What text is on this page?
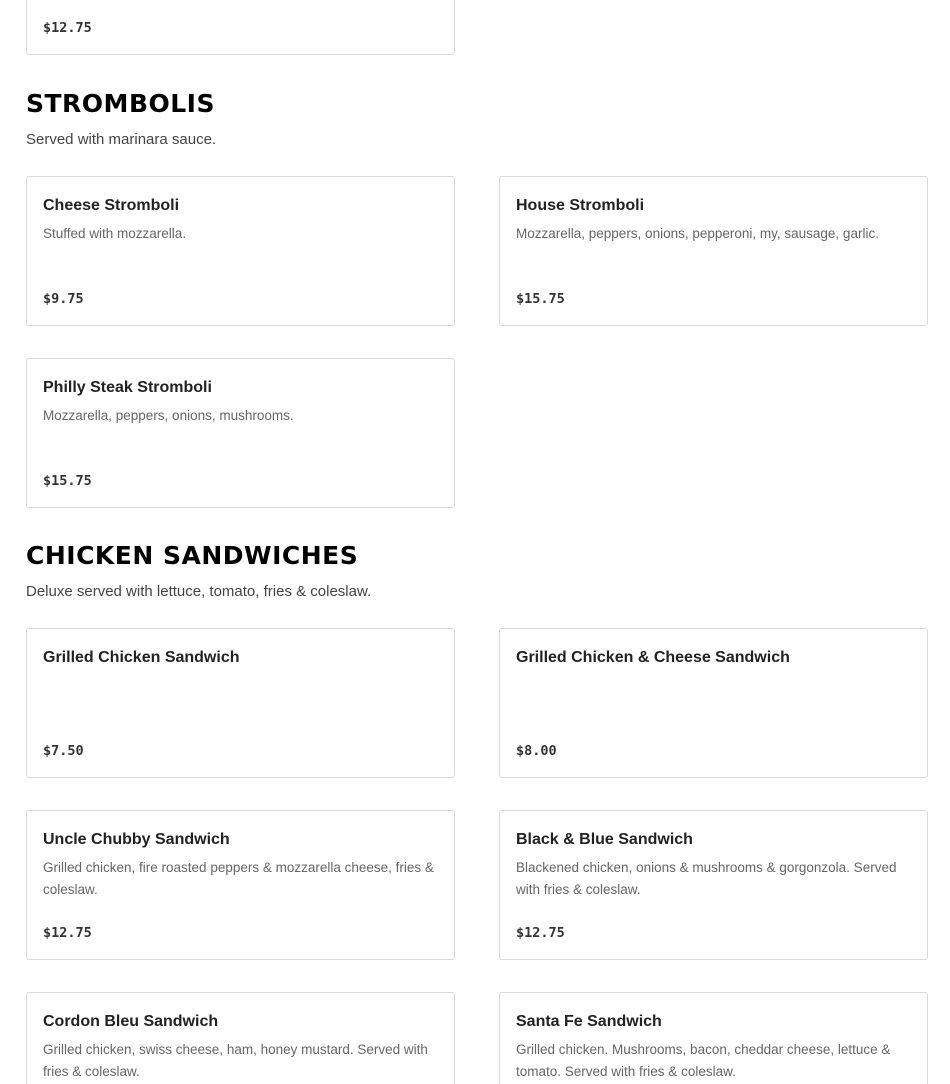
$12.75
STROMBOLIS

Served with marinara sauce.

Cheese Stromboli
Stuffed with mozzarella.
$9.75
House Stromboli
Mozzarella, peppers, onions, pepperoni, my, sausage, garlic.
$15.75
Philly Steak Stromboli
Mozzarella, peppers, onions, mushrooms.
$15.75
CHICKEN SANDWICHES

Deluxe served with lettuce, tomato, fries & coleslaw.

Grilled Chicken Sandwich
$7.50
Grilled Chicken & Cheese Sandwich
$8.00
Uncle Chubby Sandwich
Grilled chicken, fire roasted peppers & mozzarella cheese, fries & coleslaw.
$12.75
Black & Blue Sandwich
Blackened chicken, onions & mushrooms & gorgonzola. Served with fries & coleslaw.
$12.75
Cordon Bleu Sandwich
Grilled chicken, swiss cheese, ham, honey mustard. Served with fries & coleslaw.
Santa Fe Sandwich
Grilled chicken. Mushrooms, bacon, cheddar cheese, lettuce & tomato. Served with fries & coleslaw.
